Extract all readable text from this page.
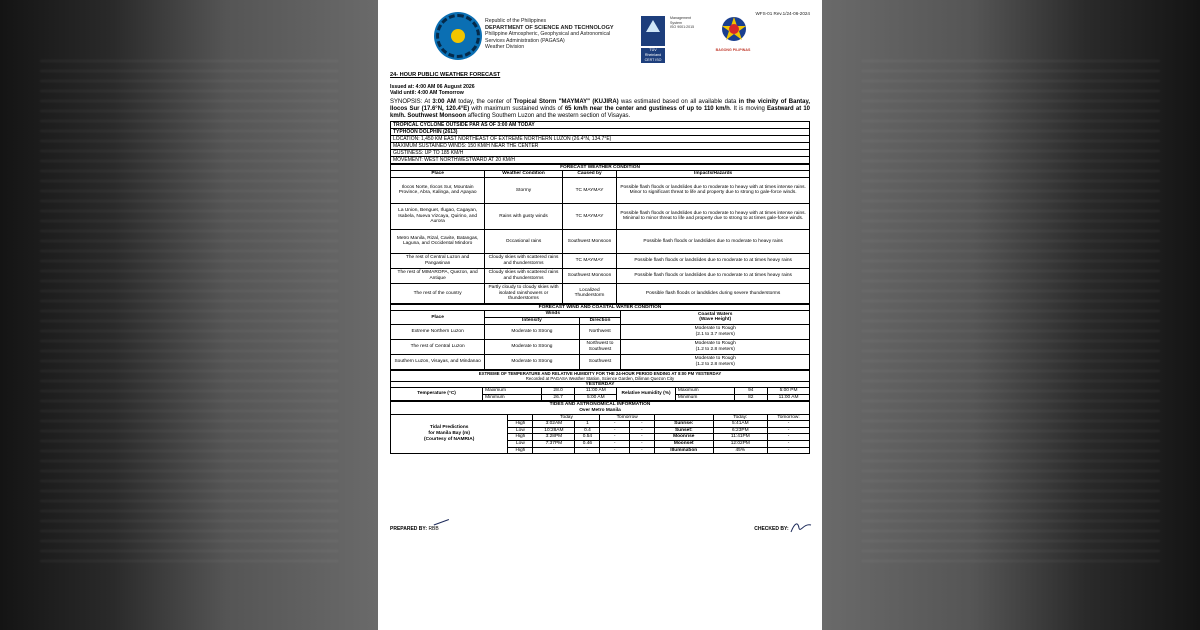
Republic of the Philippines
DEPARTMENT OF SCIENCE AND TECHNOLOGY
Philippine Atmospheric, Geophysical and Astronomical
Services Administration (PAGASA)
Weather Division	TÜV Rheinland
CERT ISO
Management
System
ISO 9001:2015
BAGONG PILIPINAS
WFS-01 Rev.1/24-06-2024
24- HOUR PUBLIC WEATHER FORECAST
Issued at: 4:00 AM 06 August 2026
Valid until: 4:00 AM Tomorrow
SYNOPSIS: At 3:00 AM today, the center of Tropical Storm "MAYMAY" (KUJIRA) was estimated based on all available data in the vicinity of Bantay, Ilocos Sur (17.6°N, 120.4°E) with maximum sustained winds of 65 km/h near the center and gustiness of up to 110 km/h. It is moving Eastward at 10 km/h. Southwest Monsoon affecting Southern Luzon and the western section of Visayas.
TROPICAL CYCLONE OUTSIDE PAR AS OF 3:00 AM TODAY
TYPHOON DOLPHIN (2613)
LOCATION: 1,450 KM EAST NORTHEAST OF EXTREME NORTHERN LUZON (26.4°N, 134.7°E)
MAXIMUM SUSTAINED WINDS: 150 KM/H NEAR THE CENTER
GUSTINESS: UP TO 185 KM/H
MOVEMENT: WEST NORTHWESTWARD AT 20 KM/H
FORECAST WEATHER CONDITION			
Place	Weather Condition	Caused by	Impacts/Hazards
Ilocos Norte, Ilocos Sur, Mountain Province, Abra, Kalinga, and Apayao	Stormy	TC MAYMAY	Possible flash floods or landslides due to moderate to heavy with at times intense rains. Minor to significant threat to life and property due to strong to gale-force winds.
La Union, Benguet, Ifugao, Cagayan, Isabela, Nueva Vizcaya, Quirino, and Aurora	Rains with gusty winds	TC MAYMAY	Possible flash floods or landslides due to moderate to heavy with at times intense rains. Minimal to minor threat to life and property due to strong to at times gale-force winds.
Metro Manila, Rizal, Cavite, Batangas, Laguna, and Occidental Mindoro	Occasional rains	Southwest Monsoon	Possible flash floods or landslides due to moderate to heavy rains
The rest of Central Luzon and Pangasinan	Cloudy skies with scattered rains and thunderstorms	TC MAYMAY	Possible flash floods or landslides due to moderate to at times heavy rains
The rest of MIMAROPA, Quezon, and Antique	Cloudy skies with scattered rains and thunderstorms	Southwest Monsoon	Possible flash floods or landslides due to moderate to at times heavy rains
The rest of the country	Partly cloudy to cloudy skies with isolated rainshowers or thunderstorms	Localized Thunderstorm	Possible flash floods or landslides during severe thunderstorms
FORECAST WIND AND COASTAL WATER CONDITION			
Place	Winds		Coastal Waters
(Wave Height)
	Intensity	Direction	
Extreme Northern Luzon	Moderate to Strong	Northwest	Moderate to Rough
(2.1 to 3.7 meters)
The rest of Central Luzon	Moderate to Strong	Northwest to Southwest	Moderate to Rough
(1.2 to 2.8 meters)
Southern Luzon, Visayas, and Mindanao	Moderate to Strong	Southwest	Moderate to Rough
(1.2 to 2.8 meters)
EXTREME OF TEMPERATURE AND RELATIVE HUMIDITY FOR THE 24-HOUR PERIOD ENDING AT 8:00 PM YESTERDAY
Recorded at PAGASA Weather Station, Science Garden, Diliman Quezon City							
YESTERDAY							
Temperature (°C)	Maximum	28.0	11:00 AM	Relative Humidity (%)	Maximum	94	5:00 PM
	Minimum	26.7	5:00 AM		Minimum	82	11:00 AM
TIDES AND ASTRONOMICAL INFORMATION
Over Metro Manila								
Tidal Predictions
for Manila Bay (m)
(Courtesy of NAMRIA)		Today		Tomorrow			Today:	Tomorrow:
	High	3:02AM	1	-	-	Sunrise:	5:41AM	-
	Low	10:28AM	0.4	-	-	Sunset:	6:23PM	-
	High	3:28PM	0.54	-	-	Moonrise	11:41PM	-
	Low	7:37PM	0.46	-	-	Moonset	12:02PM	-
	High	-	-	-	-	Illumination	45%	-
PREPARED BY:
RBB	CHECKED BY:
